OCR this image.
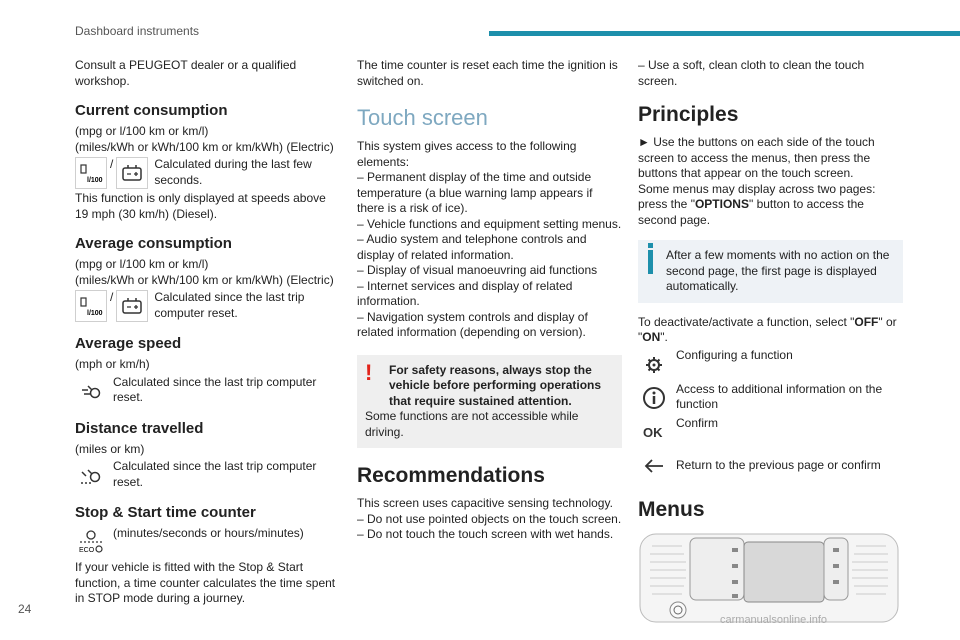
Dashboard instruments

Consult a PEUGEOT dealer or a qualified workshop.

Current consumption

(mpg or l/100 km or km/l)

(miles/kWh or kWh/100 km or km/kWh) (Electric)

l/100
/	Calculated during the last few seconds.

This function is only displayed at speeds above 19 mph (30 km/h) (Diesel).

Average consumption

(mpg or l/100 km or km/l)

(miles/kWh or kWh/100 km or km/kWh) (Electric)

l/100
/	Calculated since the last trip computer reset.
Average speed

(mph or km/h)

Calculated since the last trip computer reset.
Distance travelled

(miles or km)

Calculated since the last trip computer reset.
Stop & Start time counter
ECO
(minutes/seconds or hours/minutes)

If your vehicle is fitted with the Stop & Start function, a time counter calculates the time spent in STOP mode during a journey.

The time counter is reset each time the ignition is switched on.

Touch screen

This system gives access to the following elements:

– Permanent display of the time and outside temperature (a blue warning lamp appears if there is a risk of ice).

– Vehicle functions and equipment setting menus.

– Audio system and telephone controls and display of related information.

– Display of visual manoeuvring aid functions

– Internet services and display of related information.

– Navigation system controls and display of related information (depending on version).

!	For safety reasons, always stop the vehicle before performing operations that require sustained attention.

Some functions are not accessible while driving.

Recommendations

This screen uses capacitive sensing technology.

– Do not use pointed objects on the touch screen.

– Do not touch the touch screen with wet hands.

– Use a soft, clean cloth to clean the touch screen.

Principles

► Use the buttons on each side of the touch screen to access the menus, then press the buttons that appear on the touch screen.

Some menus may display across two pages: press the "OPTIONS" button to access the second page.

After a few moments with no action on the second page, the first page is displayed automatically.

To deactivate/activate a function, select "OFF" or "ON".

Configuring a function
Access to additional information on the function
OK
Confirm
Return to the previous page or confirm
Menus
24
carmanualsonline.info
